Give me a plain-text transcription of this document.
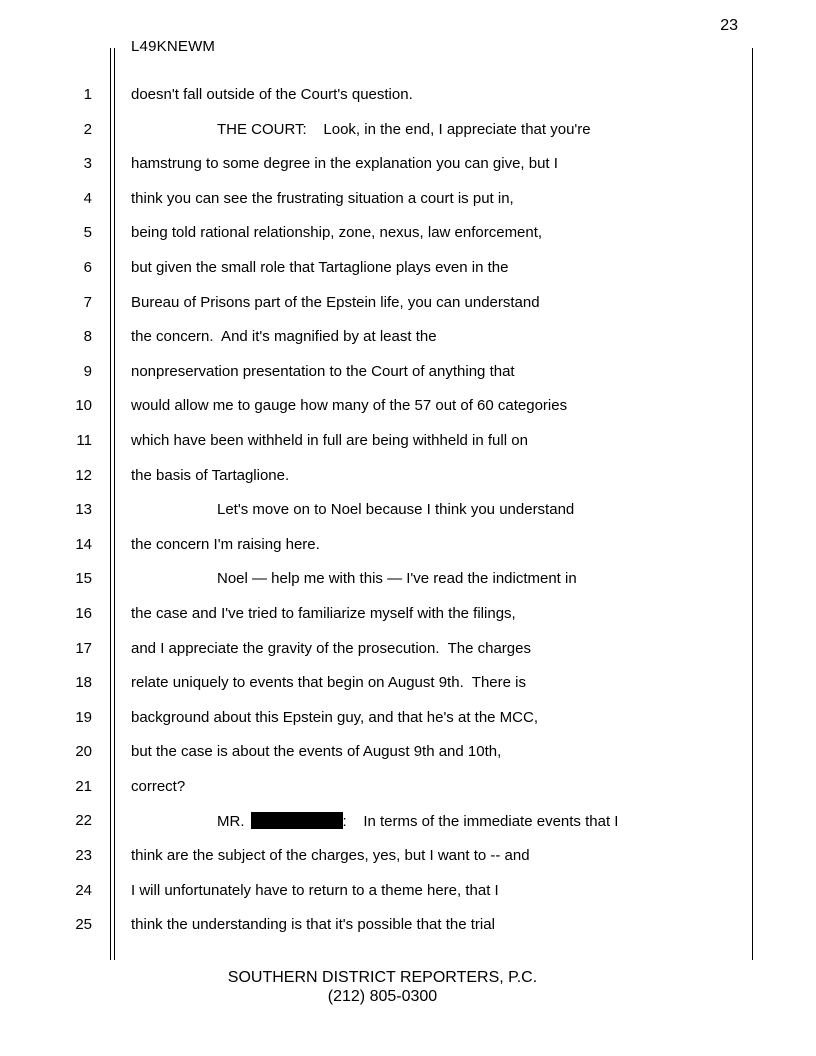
23
L49KNEWM
1	doesn't fall outside of the Court's question.
2	THE COURT:    Look, in the end, I appreciate that you're
3	hamstrung to some degree in the explanation you can give, but I
4	think you can see the frustrating situation a court is put in,
5	being told rational relationship, zone, nexus, law enforcement,
6	but given the small role that Tartaglione plays even in the
7	Bureau of Prisons part of the Epstein life, you can understand
8	the concern.  And it's magnified by at least the
9	nonpreservation presentation to the Court of anything that
10	would allow me to gauge how many of the 57 out of 60 categories
11	which have been withheld in full are being withheld in full on
12	the basis of Tartaglione.
13	Let's move on to Noel because I think you understand
14	the concern I'm raising here.
15	Noel — help me with this — I've read the indictment in
16	the case and I've tried to familiarize myself with the filings,
17	and I appreciate the gravity of the prosecution.  The charges
18	relate uniquely to events that begin on August 9th.  There is
19	background about this Epstein guy, and that he's at the MCC,
20	but the case is about the events of August 9th and 10th,
21	correct?
22	MR.	:    In terms of the immediate events that I
23	think are the subject of the charges, yes, but I want to -- and
24	I will unfortunately have to return to a theme here, that I
25	think the understanding is that it's possible that the trial
SOUTHERN DISTRICT REPORTERS, P.C.
(212) 805-0300
